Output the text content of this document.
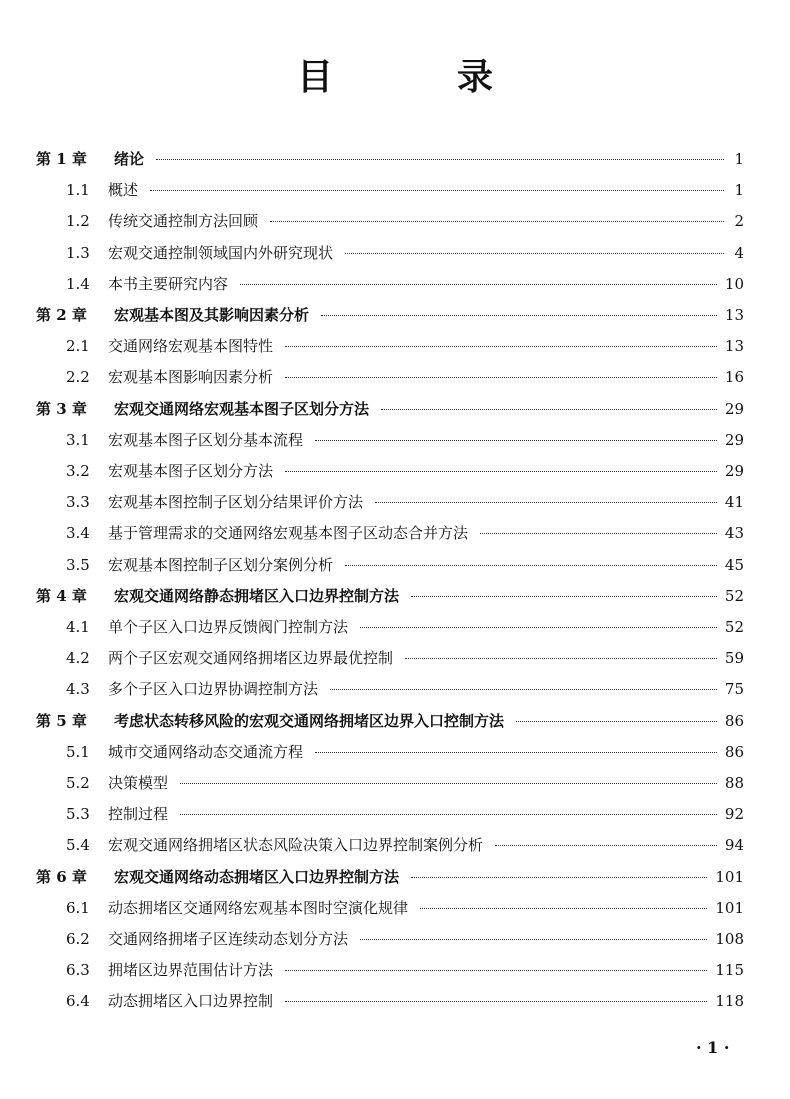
目　录
第 1 章	绪论	1
1.1	概述	1
1.2	传统交通控制方法回顾	2
1.3	宏观交通控制领域国内外研究现状	4
1.4	本书主要研究内容	10
第 2 章	宏观基本图及其影响因素分析	13
2.1	交通网络宏观基本图特性	13
2.2	宏观基本图影响因素分析	16
第 3 章	宏观交通网络宏观基本图子区划分方法	29
3.1	宏观基本图子区划分基本流程	29
3.2	宏观基本图子区划分方法	29
3.3	宏观基本图控制子区划分结果评价方法	41
3.4	基于管理需求的交通网络宏观基本图子区动态合并方法	43
3.5	宏观基本图控制子区划分案例分析	45
第 4 章	宏观交通网络静态拥堵区入口边界控制方法	52
4.1	单个子区入口边界反馈阀门控制方法	52
4.2	两个子区宏观交通网络拥堵区边界最优控制	59
4.3	多个子区入口边界协调控制方法	75
第 5 章	考虑状态转移风险的宏观交通网络拥堵区边界入口控制方法	86
5.1	城市交通网络动态交通流方程	86
5.2	决策模型	88
5.3	控制过程	92
5.4	宏观交通网络拥堵区状态风险决策入口边界控制案例分析	94
第 6 章	宏观交通网络动态拥堵区入口边界控制方法	101
6.1	动态拥堵区交通网络宏观基本图时空演化规律	101
6.2	交通网络拥堵子区连续动态划分方法	108
6.3	拥堵区边界范围估计方法	115
6.4	动态拥堵区入口边界控制	118
· 1 ·
